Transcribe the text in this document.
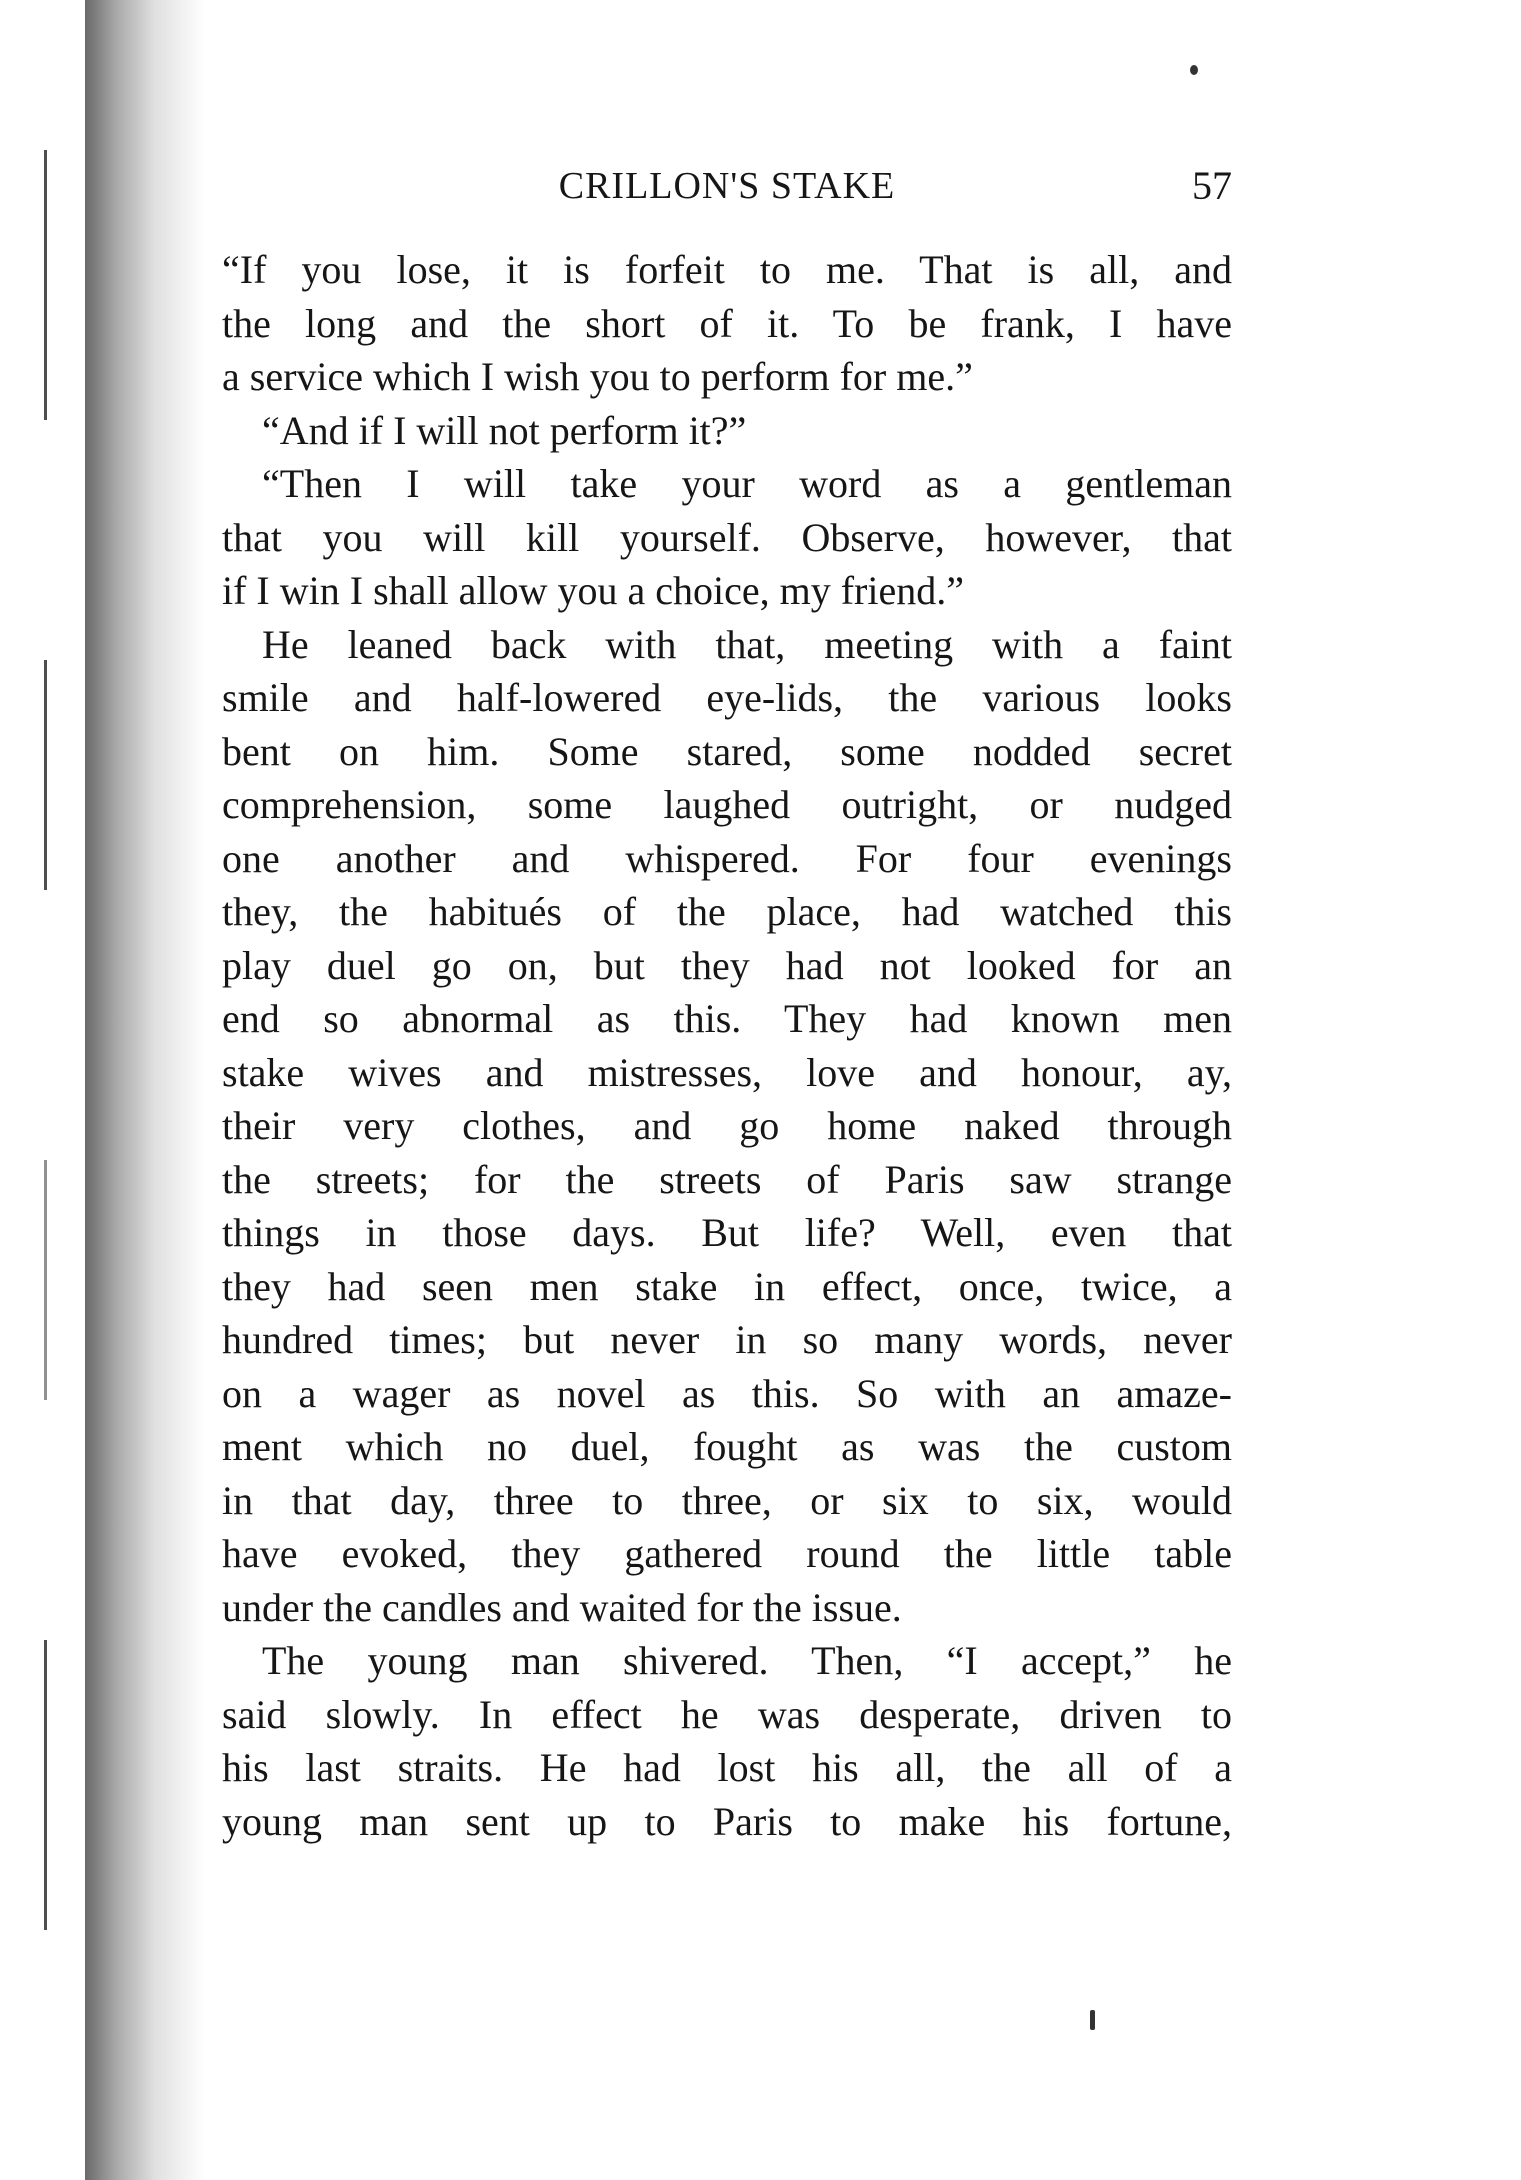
CRILLON'S STAKE	57
“If you lose, it is forfeit to me. That is all, and
the long and the short of it. To be frank, I have
a service which I wish you to perform for me.”
“And if I will not perform it?”
“Then I will take your word as a gentleman
that you will kill yourself. Observe, however, that
if I win I shall allow you a choice, my friend.”
He leaned back with that, meeting with a faint
smile and half-lowered eye-lids, the various looks
bent on him. Some stared, some nodded secret
comprehension, some laughed outright, or nudged
one another and whispered. For four evenings
they, the habitués of the place, had watched this
play duel go on, but they had not looked for an
end so abnormal as this. They had known men
stake wives and mistresses, love and honour, ay,
their very clothes, and go home naked through
the streets; for the streets of Paris saw strange
things in those days. But life? Well, even that
they had seen men stake in effect, once, twice, a
hundred times; but never in so many words, never
on a wager as novel as this. So with an amaze-
ment which no duel, fought as was the custom
in that day, three to three, or six to six, would
have evoked, they gathered round the little table
under the candles and waited for the issue.
The young man shivered. Then, “I accept,” he
said slowly. In effect he was desperate, driven to
his last straits. He had lost his all, the all of a
young man sent up to Paris to make his fortune,
